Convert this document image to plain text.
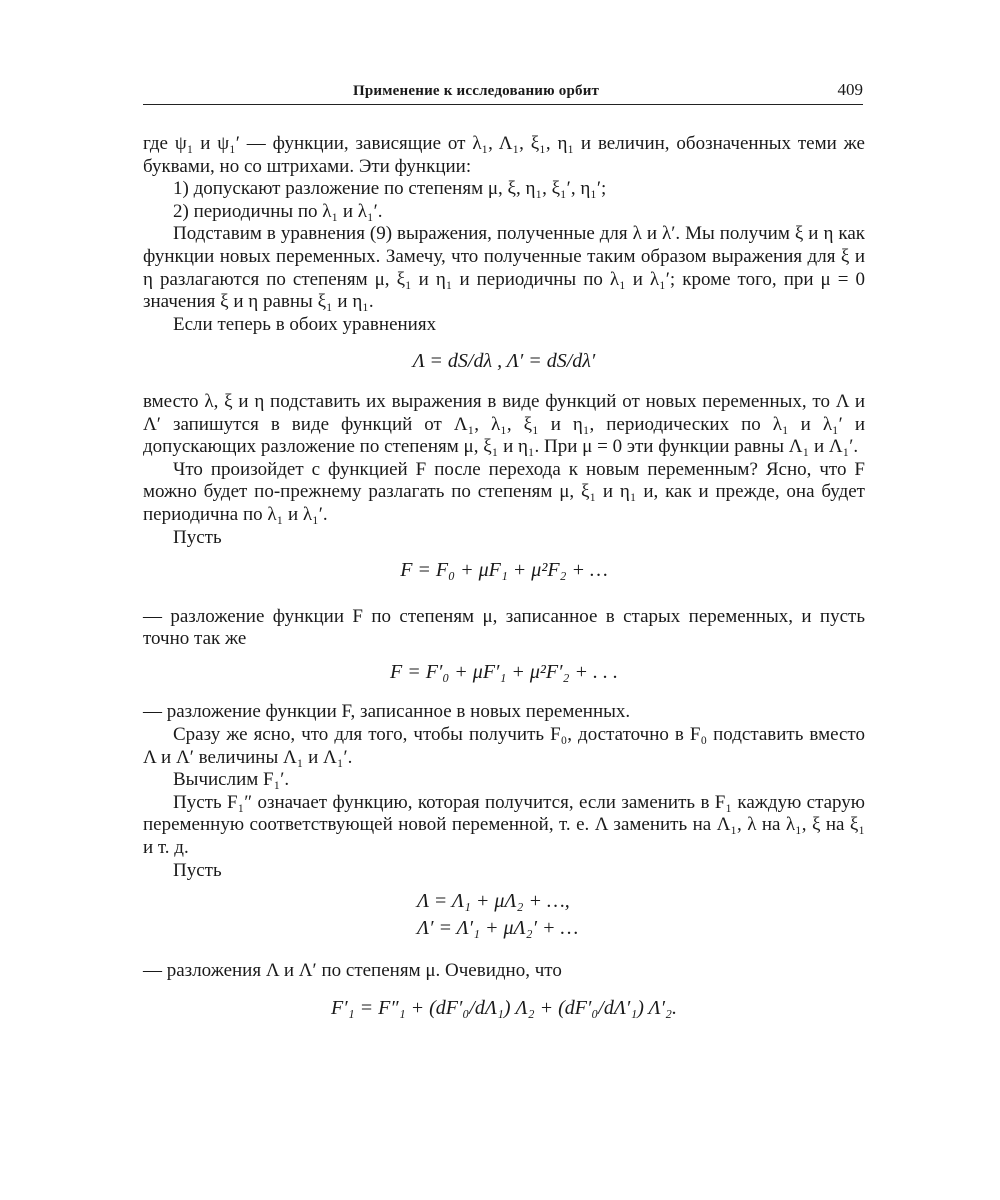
Применение к исследованию орбит	409

где ψ₁ и ψ₁′ — функции, зависящие от λ₁, Λ₁, ξ₁, η₁ и величин, обозначенных теми же буквами, но со штрихами. Эти функции:

1) допускают разложение по степеням μ, ξ, η₁, ξ₁′, η₁′;

2) периодичны по λ₁ и λ₁′.

Подставим в уравнения (9) выражения, полученные для λ и λ′. Мы получим ξ и η как функции новых переменных. Замечу, что полученные таким образом выражения для ξ и η разлагаются по степеням μ, ξ₁ и η₁ и периодичны по λ₁ и λ₁′; кроме того, при μ = 0 значения ξ и η равны ξ₁ и η₁.

Если теперь в обоих уравнениях

Λ = dS/dλ , Λ′ = dS/dλ′

вместо λ, ξ и η подставить их выражения в виде функций от новых переменных, то Λ и Λ′ запишутся в виде функций от Λ₁, λ₁, ξ₁ и η₁, периодических по λ₁ и λ₁′ и допускающих разложение по степеням μ, ξ₁ и η₁. При μ = 0 эти функции равны Λ₁ и Λ₁′.

Что произойдет с функцией F после перехода к новым переменным? Ясно, что F можно будет по-прежнему разлагать по степеням μ, ξ₁ и η₁ и, как и прежде, она будет периодична по λ₁ и λ₁′.

Пусть

F = F₀ + μF₁ + μ²F₂ + …

— разложение функции F по степеням μ, записанное в старых переменных, и пусть точно так же

F = F′₀ + μF′₁ + μ²F′₂ + . . .

— разложение функции F, записанное в новых переменных.

Сразу же ясно, что для того, чтобы получить F₀, достаточно в F₀ подставить вместо Λ и Λ′ величины Λ₁ и Λ₁′.

Вычислим F₁′.

Пусть F₁″ означает функцию, которая получится, если заменить в F₁ каждую старую переменную соответствующей новой переменной, т. е. Λ заменить на Λ₁, λ на λ₁, ξ на ξ₁ и т. д.

Пусть

Λ = Λ₁ + μΛ₂ + …,
Λ′ = Λ′₁ + μΛ₂′ + …

— разложения Λ и Λ′ по степеням μ. Очевидно, что

F′₁ = F″₁ + (dF′₀/dΛ₁) Λ₂ + (dF′₀/dΛ′₁) Λ′₂.
